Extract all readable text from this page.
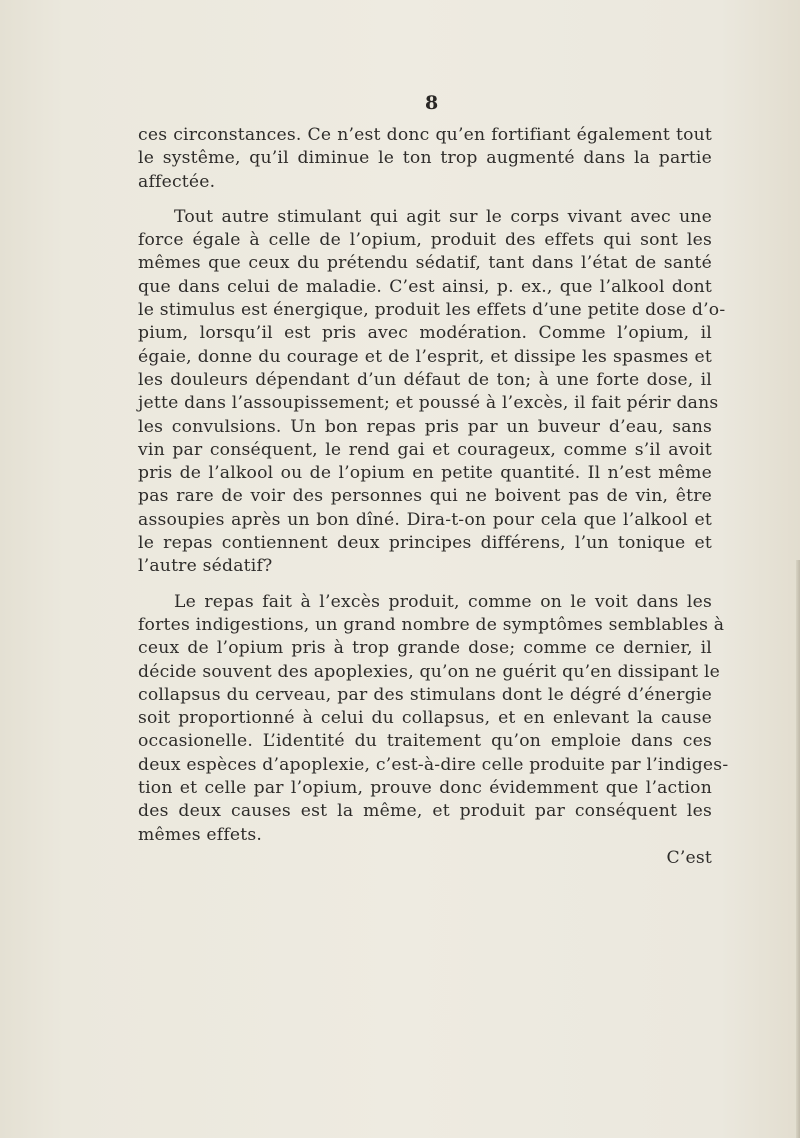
8
ces circonstances. Ce n’est donc qu’en fortifiant également tout
le systême, qu’il diminue le ton trop augmenté dans la partie
affectée.
Tout autre stimulant qui agit sur le corps vivant avec une
force égale à celle de l’opium, produit des effets qui sont les
mêmes que ceux du prétendu sédatif, tant dans l’état de santé
que dans celui de maladie. C’est ainsi, p. ex., que l’alkool dont
le stimulus est énergique, produit les effets d’une petite dose d’o-
pium, lorsqu’il est pris avec modération. Comme l’opium, il
égaie, donne du courage et de l’esprit, et dissipe les spasmes et
les douleurs dépendant d’un défaut de ton; à une forte dose, il
jette dans l’assoupissement; et poussé à l’excès, il fait périr dans
les convulsions. Un bon repas pris par un buveur d’eau, sans
vin par conséquent, le rend gai et courageux, comme s’il avoit
pris de l’alkool ou de l’opium en petite quantité. Il n’est même
pas rare de voir des personnes qui ne boivent pas de vin, être
assoupies après un bon dîné. Dira-t-on pour cela que l’alkool et
le repas contiennent deux principes différens, l’un tonique et
l’autre sédatif?
Le repas fait à l’excès produit, comme on le voit dans les
fortes indigestions, un grand nombre de symptômes semblables à
ceux de l’opium pris à trop grande dose; comme ce dernier, il
décide souvent des apoplexies, qu’on ne guérit qu’en dissipant le
collapsus du cerveau, par des stimulans dont le dégré d’énergie
soit proportionné à celui du collapsus, et en enlevant la cause
occasionelle. L’identité du traitement qu’on emploie dans ces
deux espèces d’apoplexie, c’est-à-dire celle produite par l’indiges-
tion et celle par l’opium, prouve donc évidemment que l’action
des deux causes est la même, et produit par conséquent les
mêmes effets.
C’est
